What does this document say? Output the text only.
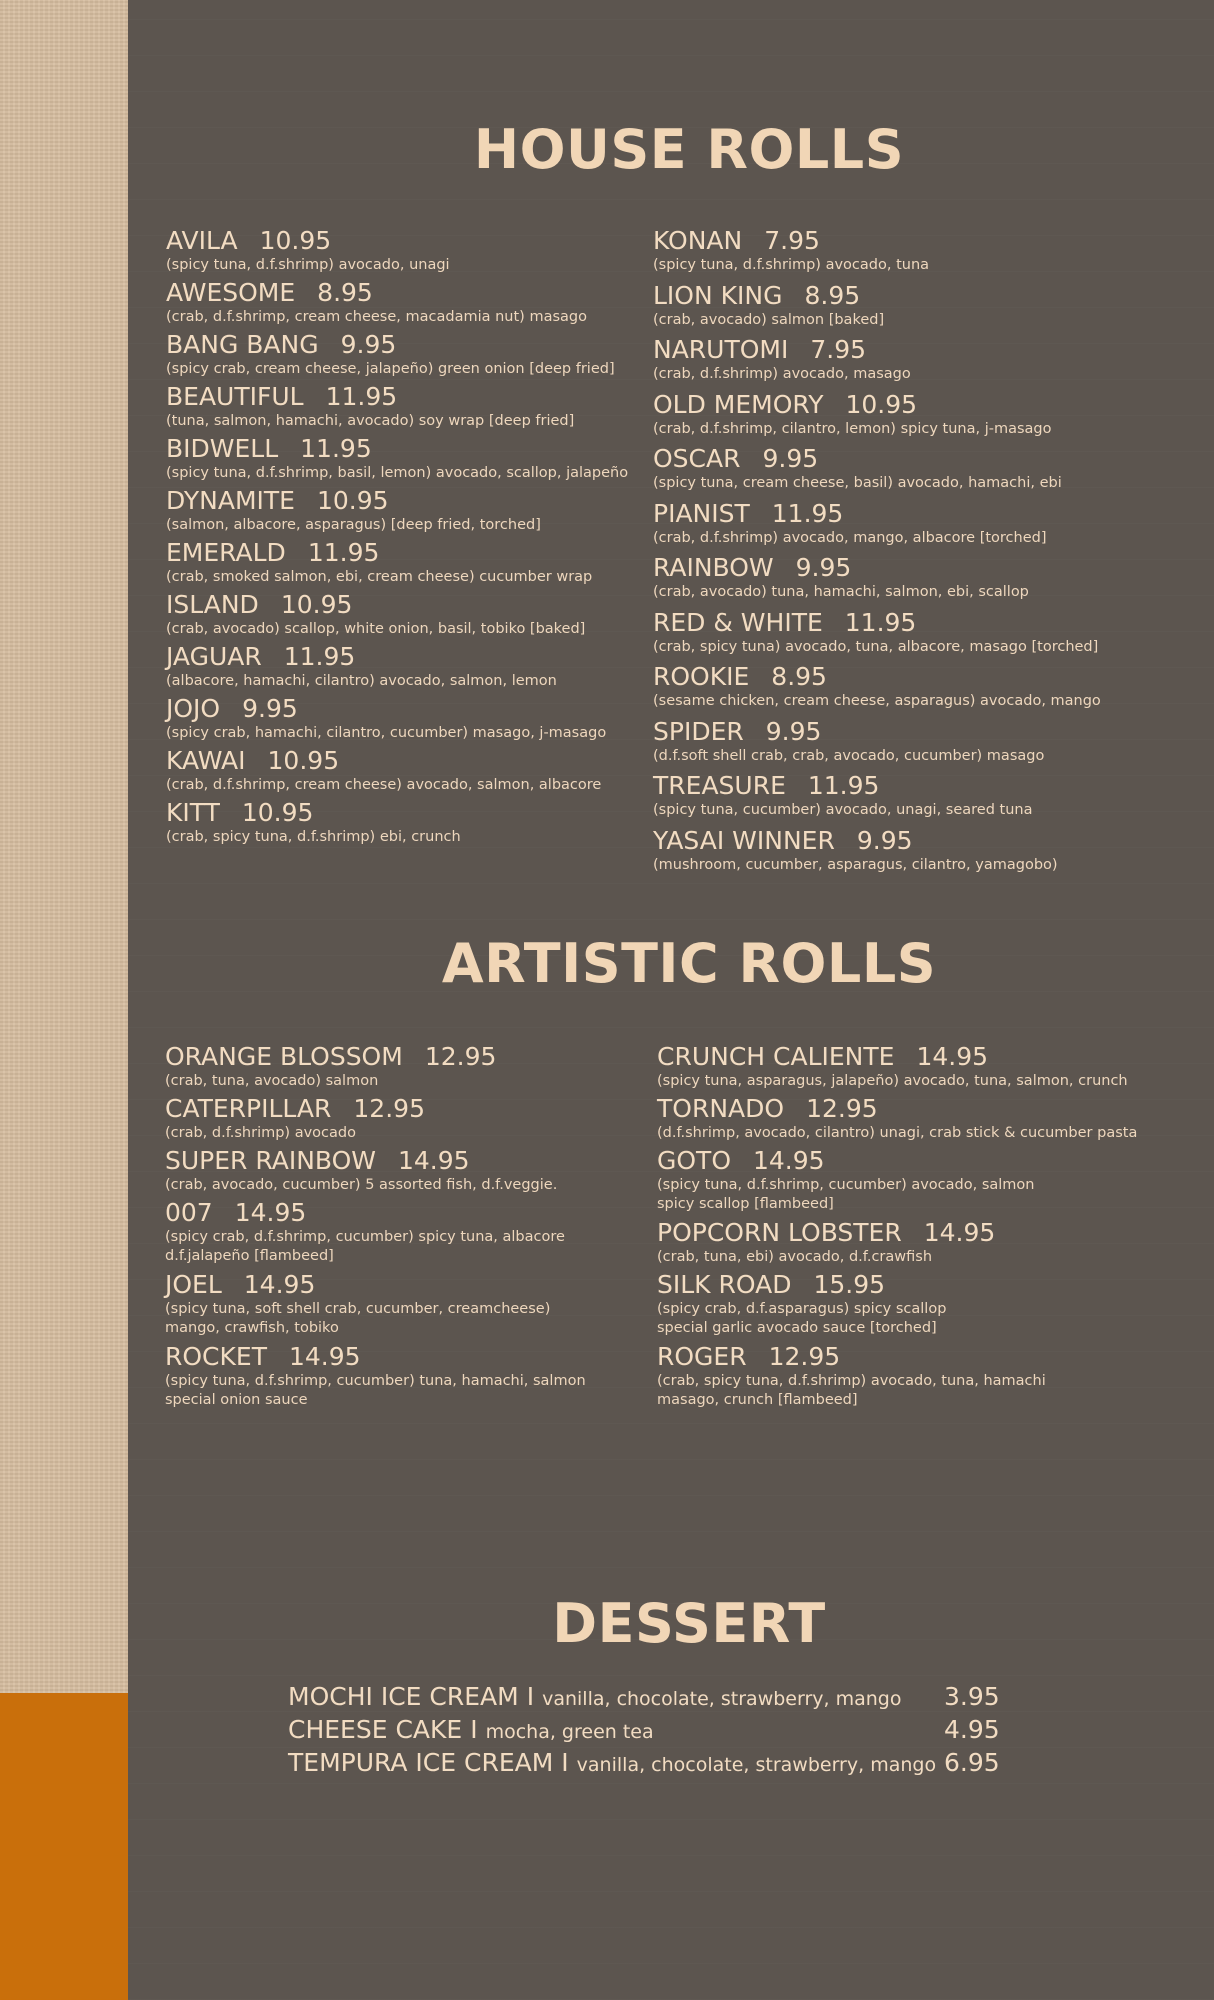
HOUSE ROLLS
AVILA 10.95
(spicy tuna, d.f.shrimp) avocado, unagi
AWESOME 8.95
(crab, d.f.shrimp, cream cheese, macadamia nut) masago
BANG BANG 9.95
(spicy crab, cream cheese, jalapeño) green onion [deep fried]
BEAUTIFUL 11.95
(tuna, salmon, hamachi, avocado) soy wrap [deep fried]
BIDWELL 11.95
(spicy tuna, d.f.shrimp, basil, lemon) avocado, scallop, jalapeño
DYNAMITE 10.95
(salmon, albacore, asparagus) [deep fried, torched]
EMERALD 11.95
(crab, smoked salmon, ebi, cream cheese) cucumber wrap
ISLAND 10.95
(crab, avocado) scallop, white onion, basil, tobiko [baked]
JAGUAR 11.95
(albacore, hamachi, cilantro) avocado, salmon, lemon
JOJO 9.95
(spicy crab, hamachi, cilantro, cucumber) masago, j-masago
KAWAI 10.95
(crab, d.f.shrimp, cream cheese) avocado, salmon, albacore
KITT 10.95
(crab, spicy tuna, d.f.shrimp) ebi, crunch
KONAN 7.95
(spicy tuna, d.f.shrimp) avocado, tuna
LION KING 8.95
(crab, avocado) salmon [baked]
NARUTOMI 7.95
(crab, d.f.shrimp) avocado, masago
OLD MEMORY 10.95
(crab, d.f.shrimp, cilantro, lemon) spicy tuna, j-masago
OSCAR 9.95
(spicy tuna, cream cheese, basil) avocado, hamachi, ebi
PIANIST 11.95
(crab, d.f.shrimp) avocado, mango, albacore [torched]
RAINBOW 9.95
(crab, avocado) tuna, hamachi, salmon, ebi, scallop
RED & WHITE 11.95
(crab, spicy tuna) avocado, tuna, albacore, masago [torched]
ROOKIE 8.95
(sesame chicken, cream cheese, asparagus) avocado, mango
SPIDER 9.95
(d.f.soft shell crab, crab, avocado, cucumber) masago
TREASURE 11.95
(spicy tuna, cucumber) avocado, unagi, seared tuna
YASAI WINNER 9.95
(mushroom, cucumber, asparagus, cilantro, yamagobo)
ARTISTIC ROLLS
ORANGE BLOSSOM 12.95
(crab, tuna, avocado) salmon
CATERPILLAR 12.95
(crab, d.f.shrimp) avocado
SUPER RAINBOW 14.95
(crab, avocado, cucumber) 5 assorted fish, d.f.veggie.
007 14.95
(spicy crab, d.f.shrimp, cucumber) spicy tuna, albacore
d.f.jalapeño [flambeed]
JOEL 14.95
(spicy tuna, soft shell crab, cucumber, creamcheese)
mango, crawfish, tobiko
ROCKET 14.95
(spicy tuna, d.f.shrimp, cucumber) tuna, hamachi, salmon
special onion sauce
CRUNCH CALIENTE 14.95
(spicy tuna, asparagus, jalapeño) avocado, tuna, salmon, crunch
TORNADO 12.95
(d.f.shrimp, avocado, cilantro) unagi, crab stick & cucumber pasta
GOTO 14.95
(spicy tuna, d.f.shrimp, cucumber) avocado, salmon
spicy scallop [flambeed]
POPCORN LOBSTER 14.95
(crab, tuna, ebi) avocado, d.f.crawfish
SILK ROAD 15.95
(spicy crab, d.f.asparagus) spicy scallop
special garlic avocado sauce [torched]
ROGER 12.95
(crab, spicy tuna, d.f.shrimp) avocado, tuna, hamachi
masago, crunch [flambeed]
DESSERT
MOCHI ICE CREAM I vanilla, chocolate, strawberry, mango 3.95
CHEESE CAKE I mocha, green tea	4.95
TEMPURA ICE CREAM I vanilla, chocolate, strawberry, mango 6.95
